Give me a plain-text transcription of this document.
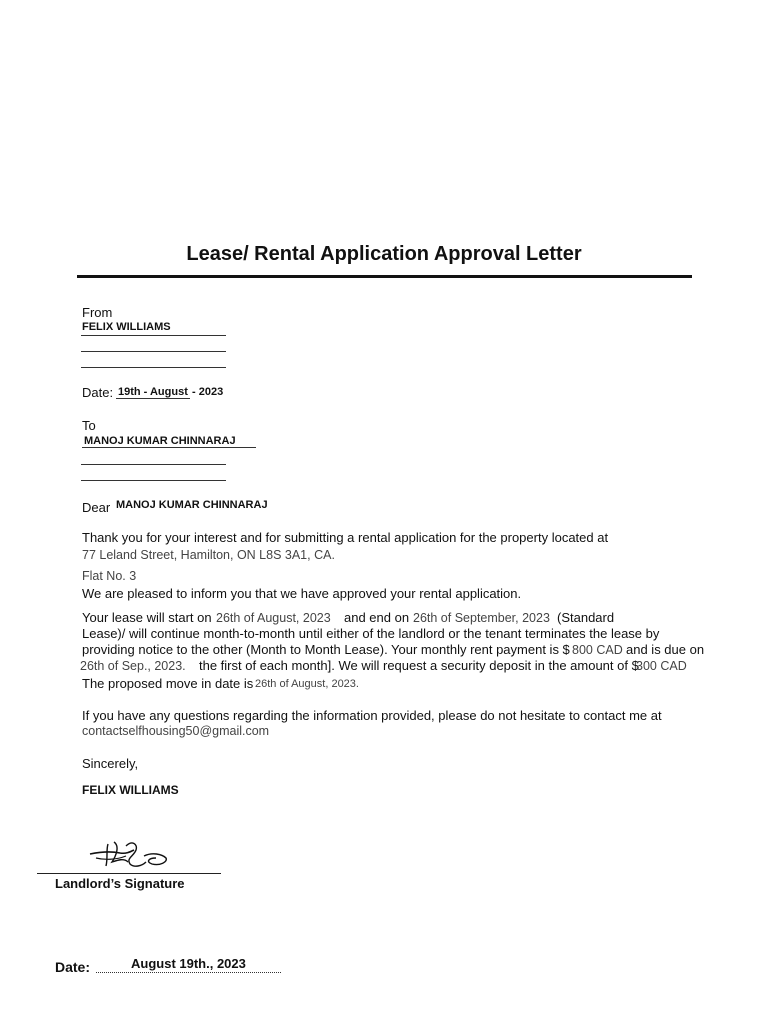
Lease/ Rental Application Approval Letter
From
FELIX WILLIAMS
Date: 19th - August - 2023
To
MANOJ KUMAR CHINNARAJ
Dear MANOJ KUMAR CHINNARAJ
Thank you for your interest and for submitting a rental application for the property located at
77 Leland Street, Hamilton, ON L8S 3A1, CA.
Flat No. 3
We are pleased to inform you that we have approved your rental application.
Your lease will start on 26th of August, 2023 and end on 26th of September, 2023 (Standard
Lease)/ will continue month-to-month until either of the landlord or the tenant terminates the lease by
providing notice to the other (Month to Month Lease). Your monthly rent payment is $ 800 CAD and is due on
26th of Sep., 2023. the first of each month]. We will request a security deposit in the amount of $
300 CAD
The proposed move in date is 26th of August, 2023.
If you have any questions regarding the information provided, please do not hesitate to contact me at
contactselfhousing50@gmail.com
Sincerely,
FELIX WILLIAMS
Landlord’s Signature
Date:	August 19th., 2023
